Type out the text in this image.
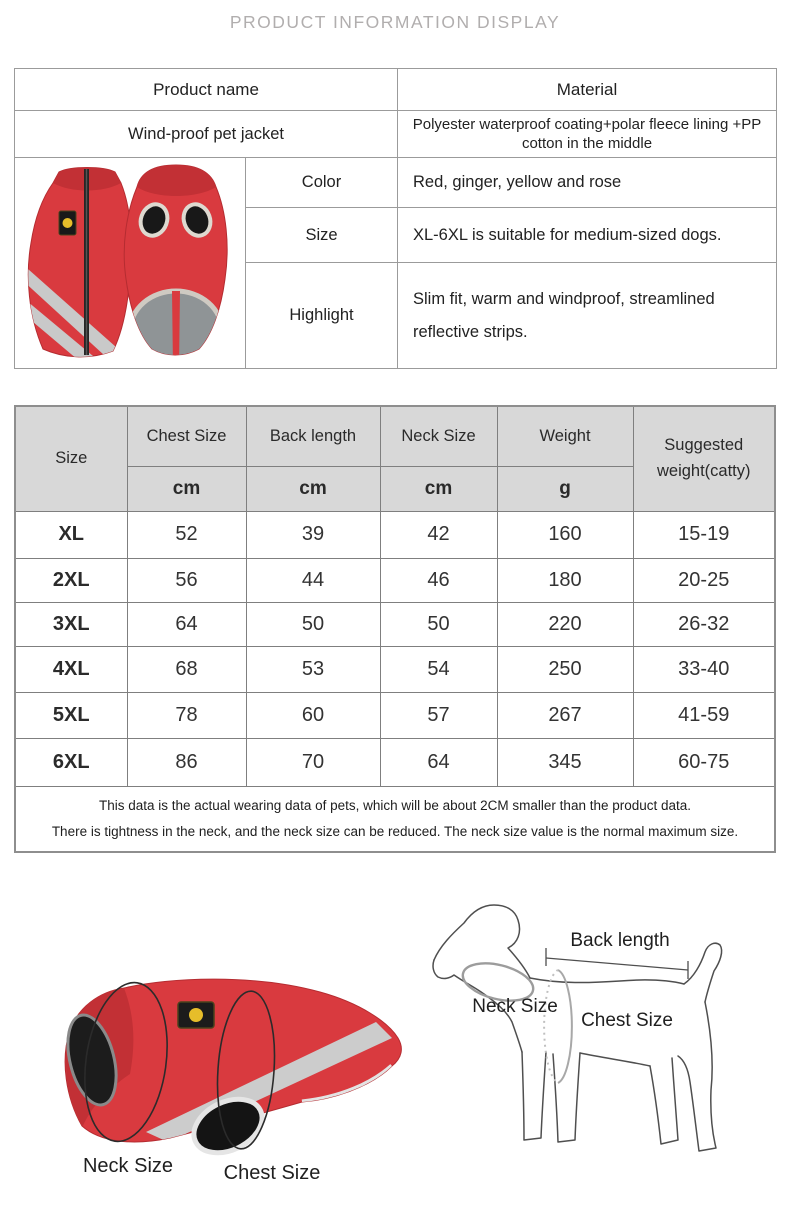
PRODUCT INFORMATION DISPLAY
Product name		Material
Wind-proof pet jacket		Polyester waterproof coating+polar fleece lining +PP cotton in the middle

	Color	Red, ginger, yellow and rose
	Size	XL-6XL is suitable for medium-sized dogs.
	Highlight	Slim fit, warm and windproof, streamlined reflective strips.
Size	Chest Size	Back length	Neck Size	Weight	Suggested weight(catty)
	cm	cm	cm	g	
XL	52	39	42	160	15-19
2XL	56	44	46	180	20-25
3XL	64	50	50	220	26-32
4XL	68	53	54	250	33-40
5XL	78	60	57	267	41-59
6XL	86	70	64	345	60-75

This data is the actual wearing data of pets, which will be about 2CM smaller than the product data.
There is tightness in the neck, and the neck size can be reduced. The neck size value is the normal maximum size.					
Neck Size	Chest Size
Back length
Neck Size
Chest Size
